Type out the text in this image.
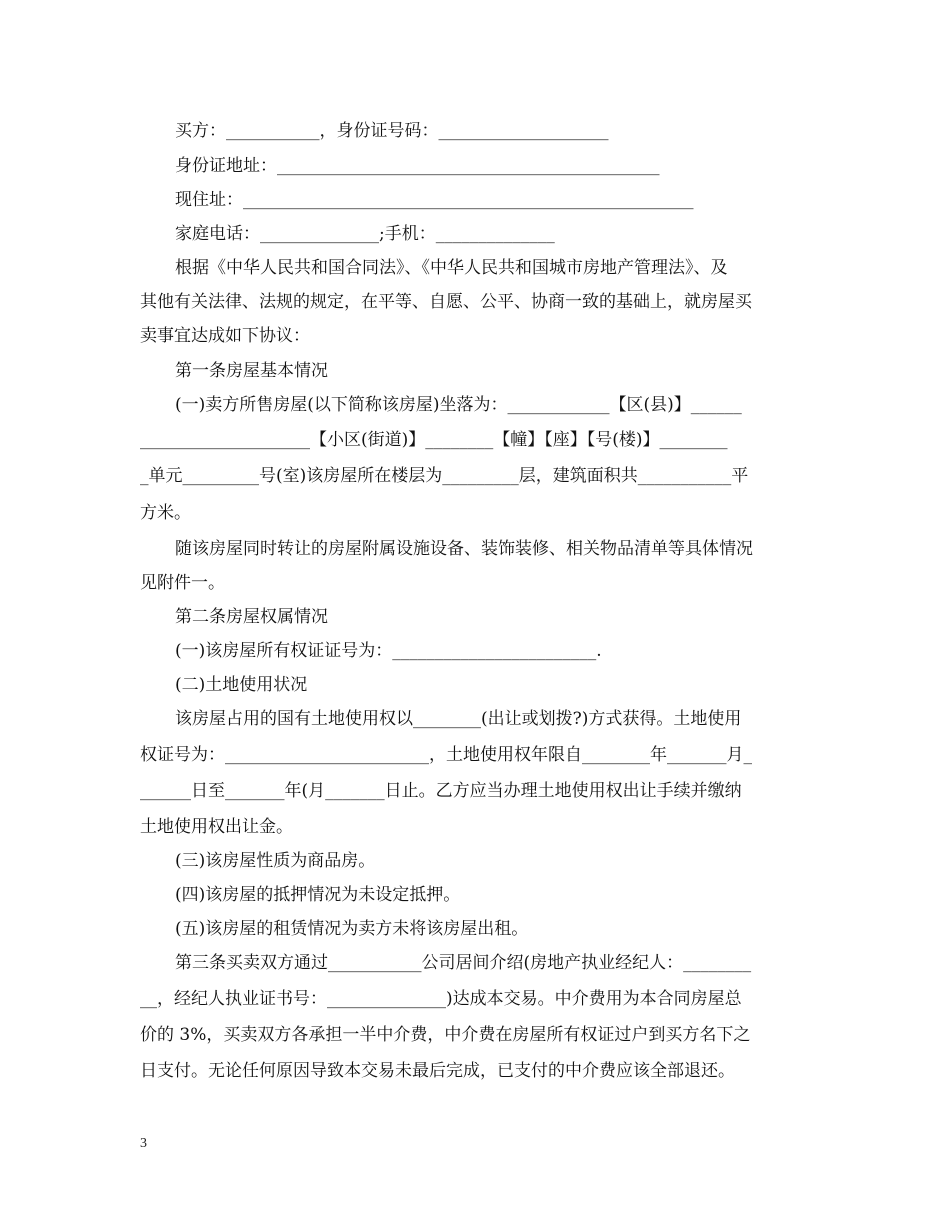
买方：___________，身份证号码：____________________
身份证地址：_____________________________________________
现住址：_____________________________________________________
家庭电话：______________;手机：______________
根据《中华人民共和国合同法》、《中华人民共和国城市房地产管理法》、及
其他有关法律、法规的规定，在平等、自愿、公平、协商一致的基础上，就房屋买
卖事宜达成如下协议：
第一条房屋基本情况
(一)卖方所售房屋(以下简称该房屋)坐落为：____________【区(县)】______
____________________【小区(街道)】________【幢】【座】【号(楼)】________
_单元_________号(室)该房屋所在楼层为_________层，建筑面积共___________平
方米。
随该房屋同时转让的房屋附属设施设备、装饰装修、相关物品清单等具体情况
见附件一。
第二条房屋权属情况
(一)该房屋所有权证证号为：________________________.
(二)土地使用状况
该房屋占用的国有土地使用权以________(出让或划拨?)方式获得。土地使用
权证号为：________________________，土地使用权年限自________年_______月_
______日至_______年(月_______日止。乙方应当办理土地使用权出让手续并缴纳
土地使用权出让金。
(三)该房屋性质为商品房。
(四)该房屋的抵押情况为未设定抵押。
(五)该房屋的租赁情况为卖方未将该房屋出租。
第三条买卖双方通过___________公司居间介绍(房地产执业经纪人：________
__，经纪人执业证书号：______________)达成本交易。中介费用为本合同房屋总
价的 3%，买卖双方各承担一半中介费，中介费在房屋所有权证过户到买方名下之
日支付。无论任何原因导致本交易未最后完成，已支付的中介费应该全部退还。
3
